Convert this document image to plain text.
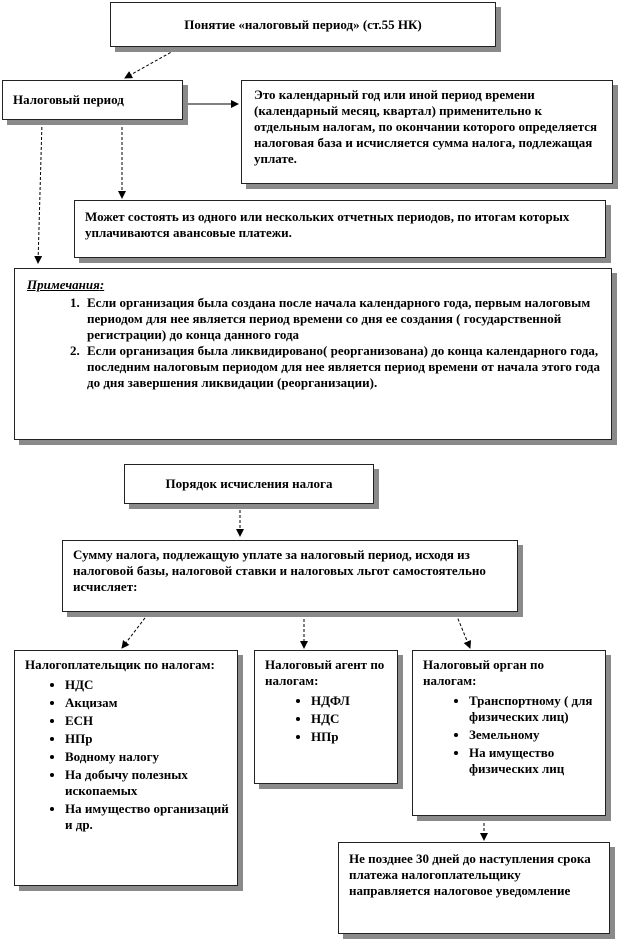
Понятие «налоговый период» (ст.55 НК)
Налоговый период	Это календарный год или иной период времени (календарный месяц, квартал) применительно к отдельным налогам, по окончании которого определяется налоговая база и исчисляется сумма налога, подлежащая уплате.
Может состоять из одного или нескольких отчетных периодов, по итогам которых уплачиваются авансовые платежи.
Примечания:
1. Если организация была создана после начала календарного года, первым налоговым периодом для нее является период времени со дня ее создания ( государственной регистрации) до конца данного года
2. Если организация была ликвидировано( реорганизована) до конца календарного года, последним налоговым периодом для нее является период времени от начала этого года до дня завершения ликвидации (реорганизации).
Порядок исчисления налога
Сумму налога, подлежащую уплате за налоговый период, исходя из налоговой базы, налоговой ставки и налоговых льгот самостоятельно исчисляет:
Налогоплательщик по налогам:
• НДС
• Акцизам
• ЕСН
• НПр
• Водному налогу
• На добычу полезных ископаемых
• На имущество организаций и др.
Налоговый агент по налогам:
• НДФЛ
• НДС
• НПр
Налоговый орган по налогам:
• Транспортному ( для физических лиц)
• Земельному
• На имущество физических лиц
Не позднее 30 дней до наступления срока платежа налогоплательщику направляется налоговое уведомление
